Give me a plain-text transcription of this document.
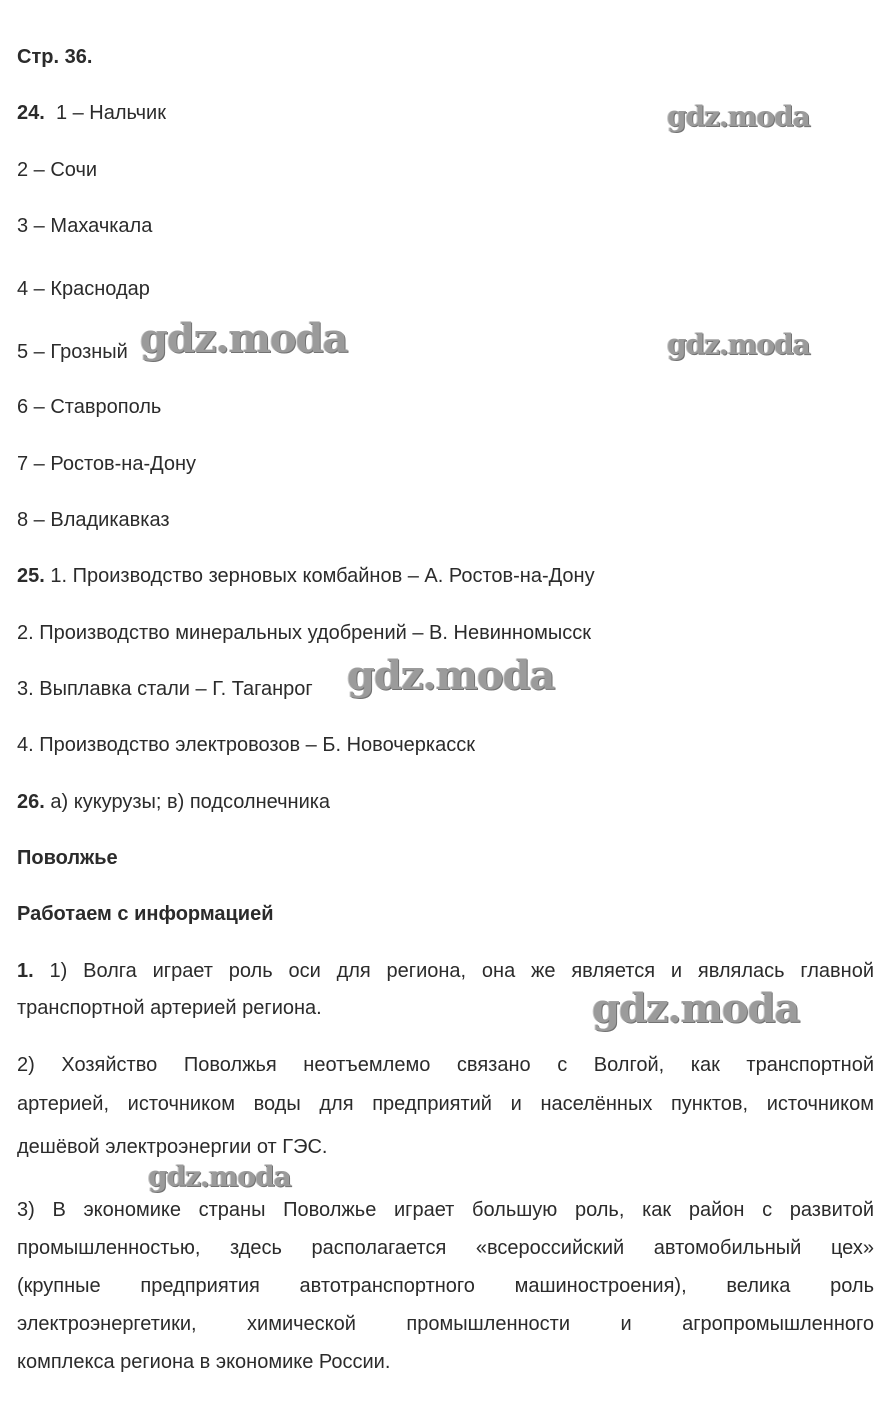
Стр. 36.
24. 1 – Нальчик
2 – Сочи
3 – Махачкала
4 – Краснодар
5 – Грозный
6 – Ставрополь
7 – Ростов-на-Дону
8 – Владикавказ
25. 1. Производство зерновых комбайнов – А. Ростов-на-Дону
2. Производство минеральных удобрений – В. Невинномысск
3. Выплавка стали – Г. Таганрог
4. Производство электровозов – Б. Новочеркасск
26. а) кукурузы; в) подсолнечника
Поволжье
Работаем с информацией
1. 1) Волга играет роль оси для региона, она же является и являлась главной
транспортной артерией региона.
2) Хозяйство Поволжья неотъемлемо связано с Волгой, как транспортной
артерией, источником воды для предприятий и населённых пунктов, источником
дешёвой электроэнергии от ГЭС.
3) В экономике страны Поволжье играет большую роль, как район с развитой
промышленностью, здесь располагается «всероссийский автомобильный цех»
(крупные предприятия автотранспортного машиностроения), велика роль
электроэнергетики, химической промышленности и агропромышленного
комплекса региона в экономике России.
gdz.moda
gdz.moda	gdz.moda
gdz.moda
gdz.moda
gdz.moda
